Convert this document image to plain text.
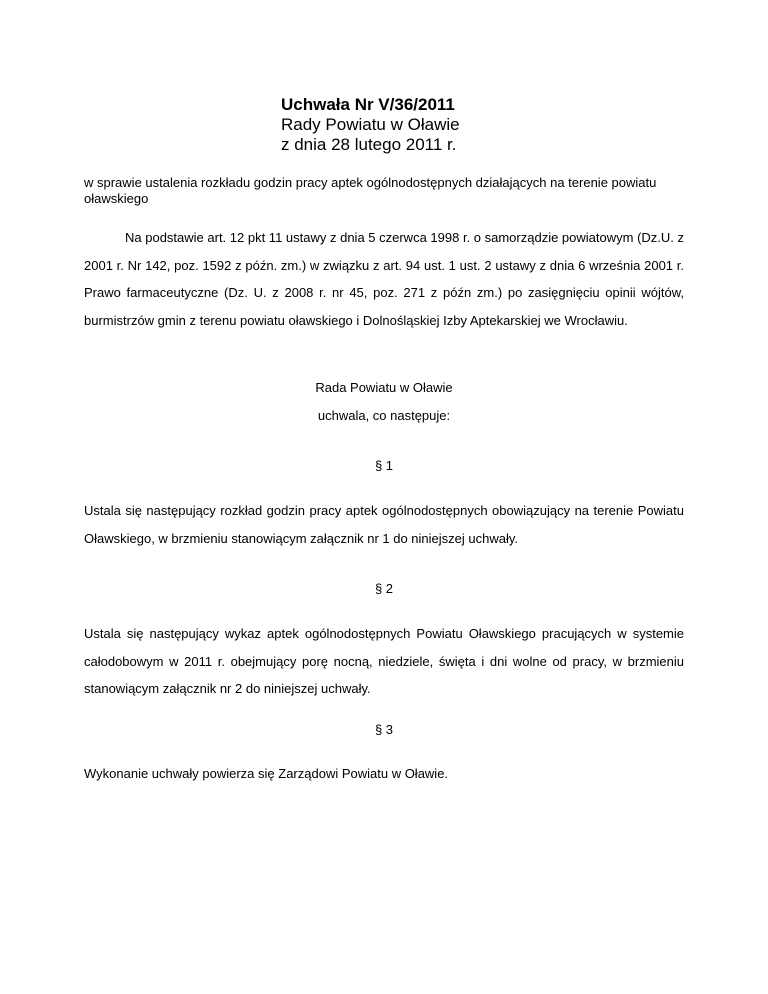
Uchwała Nr V/36/2011
Rady Powiatu w Oławie
z dnia 28 lutego 2011 r.
w sprawie ustalenia rozkładu godzin pracy aptek ogólnodostępnych działających na terenie powiatu oławskiego
Na podstawie art. 12 pkt 11 ustawy z dnia 5 czerwca 1998 r. o samorządzie powiatowym (Dz.U. z 2001 r. Nr 142, poz. 1592 z późn. zm.) w związku z art. 94 ust. 1 ust. 2 ustawy z dnia 6 września 2001 r. Prawo farmaceutyczne (Dz. U. z 2008 r. nr 45, poz. 271 z późn zm.) po zasięgnięciu opinii wójtów, burmistrzów gmin z terenu powiatu oławskiego i Dolnośląskiej Izby Aptekarskiej we Wrocławiu.
Rada Powiatu w Oławie
uchwala, co następuje:
§ 1
Ustala się następujący rozkład godzin pracy aptek ogólnodostępnych obowiązujący na terenie Powiatu Oławskiego, w brzmieniu stanowiącym załącznik nr 1 do niniejszej uchwały.
§ 2
Ustala się następujący wykaz aptek ogólnodostępnych Powiatu Oławskiego pracujących w systemie całodobowym w 2011 r. obejmujący porę nocną, niedziele, święta i dni wolne od pracy, w brzmieniu stanowiącym załącznik nr 2 do niniejszej uchwały.
§ 3
Wykonanie uchwały powierza się Zarządowi Powiatu w Oławie.
